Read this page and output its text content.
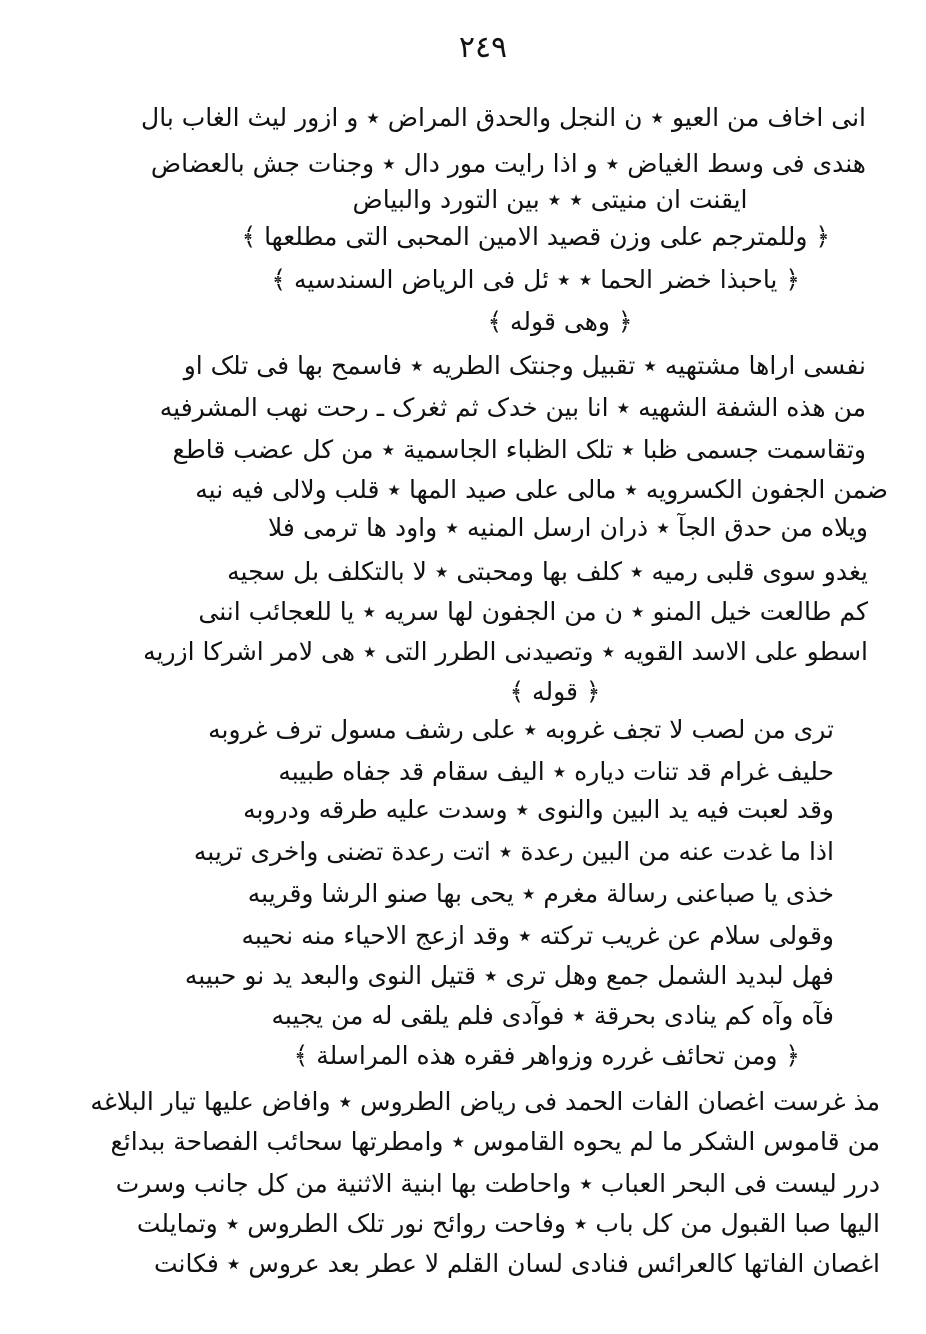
٢٤٩
انی اخاف من العیو ٭ ن النجل والحدق المراض ٭ و ازور لیث الغاب بال
هندی فی وسط الغیاض ٭ و اذا رایت مور دال ٭ وجنات جش بالعضاض
ایقنت ان منیتی ٭ ٭ بین التورد والبیاض
﴿ وللمترجم علی وزن قصید الامین المحبی التی مطلعها ﴾
﴿ یاحبذا خضر الحما ٭ ٭ ئل فی الریاض السندسیه ﴾
﴿ وهی قوله ﴾
نفسی اراها مشتهیه ٭ تقبیل وجنتک الطریه ٭ فاسمح بها فی تلک او
من هذه الشفة الشهیه ٭ انا بین خدک ثم ثغرک ـ رحت نهب المشرفیه
وتقاسمت جسمی ظبا ٭ تلک الظباء الجاسمیة ٭ من کل عضب قاطع
ضمن الجفون الکسرویه ٭ مالی علی صید المها ٭ قلب ولالی فیه نیه
ویلاه من حدق الجآ ٭ ذران ارسل المنیه ٭ واود ها ترمی فلا
یغدو سوی قلبی رمیه ٭ کلف بها ومحبتی ٭ لا بالتکلف بل سجیه
کم طالعت خیل المنو ٭ ن من الجفون لها سریه ٭ یا للعجائب اننی
اسطو علی الاسد القویه ٭ وتصیدنی الطرر التی ٭ هی لامر اشرکا ازریه
﴿ قوله ﴾
تری من لصب لا تجف غروبه ٭ علی رشف مسول ترف غروبه
حلیف غرام قد تنات دیاره ٭ الیف سقام قد جفاه طبیبه
وقد لعبت فیه ید البین والنوی ٭ وسدت علیه طرقه ودروبه
اذا ما غدت عنه من البین رعدة ٭ اتت رعدة تضنی واخری تریبه
خذی یا صباعنی رسالة مغرم ٭ یحی بها صنو الرشا وقریبه
وقولی سلام عن غریب ترکته ٭ وقد ازعج الاحیاء منه نحیبه
فهل لبدید الشمل جمع وهل تری ٭ قتیل النوی والبعد ید نو حبیبه
فآه وآه کم ینادی بحرقة ٭ فوآدی فلم یلقی له من یجیبه
﴿ ومن تحائف غرره وزواهر فقره هذه المراسلة ﴾
مذ غرست اغصان الفات الحمد فی ریاض الطروس ٭ وافاض علیها تیار البلاغه
من قاموس الشکر ما لم یحوه القاموس ٭ وامطرتها سحائب الفصاحة ببدائع
درر لیست فی البحر العباب ٭ واحاطت بها ابنیة الاثنیة من کل جانب وسرت
الیها صبا القبول من کل باب ٭ وفاحت روائح نور تلک الطروس ٭ وتمایلت
اغصان الفاتها کالعرائس فنادی لسان القلم لا عطر بعد عروس ٭ فکانت
